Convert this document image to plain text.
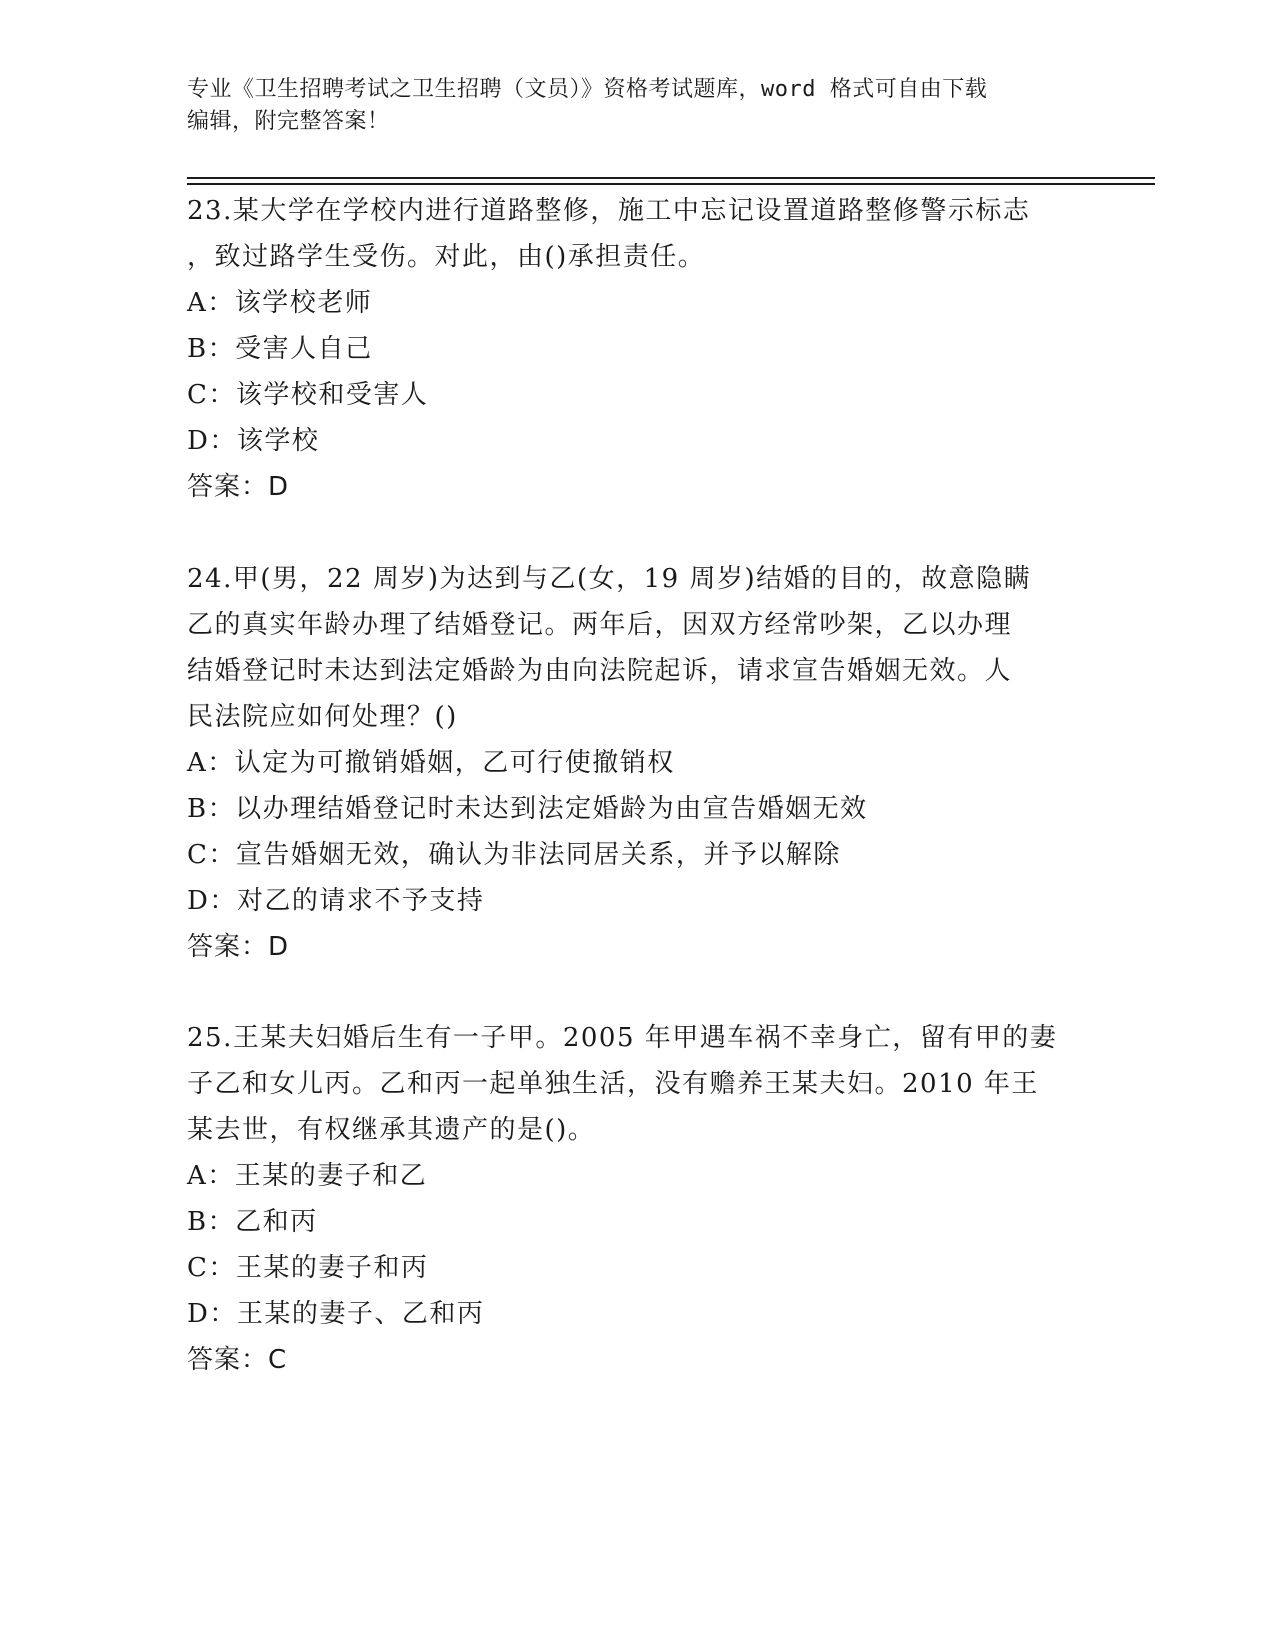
专业《卫生招聘考试之卫生招聘（文员）》资格考试题库，word 格式可自由下载
编辑，附完整答案！

23.某大学在学校内进行道路整修，施工中忘记设置道路整修警示标志

，致过路学生受伤。对此，由()承担责任。

A：该学校老师

B：受害人自己

C：该学校和受害人

D：该学校

答案：D

24.甲(男，22 周岁)为达到与乙(女，19 周岁)结婚的目的，故意隐瞒

乙的真实年龄办理了结婚登记。两年后，因双方经常吵架，乙以办理

结婚登记时未达到法定婚龄为由向法院起诉，请求宣告婚姻无效。人

民法院应如何处理？()

A：认定为可撤销婚姻，乙可行使撤销权

B：以办理结婚登记时未达到法定婚龄为由宣告婚姻无效

C：宣告婚姻无效，确认为非法同居关系，并予以解除

D：对乙的请求不予支持

答案：D

25.王某夫妇婚后生有一子甲。2005 年甲遇车祸不幸身亡，留有甲的妻

子乙和女儿丙。乙和丙一起单独生活，没有赡养王某夫妇。2010 年王

某去世，有权继承其遗产的是()。

A：王某的妻子和乙

B：乙和丙

C：王某的妻子和丙

D：王某的妻子、乙和丙

答案：C
